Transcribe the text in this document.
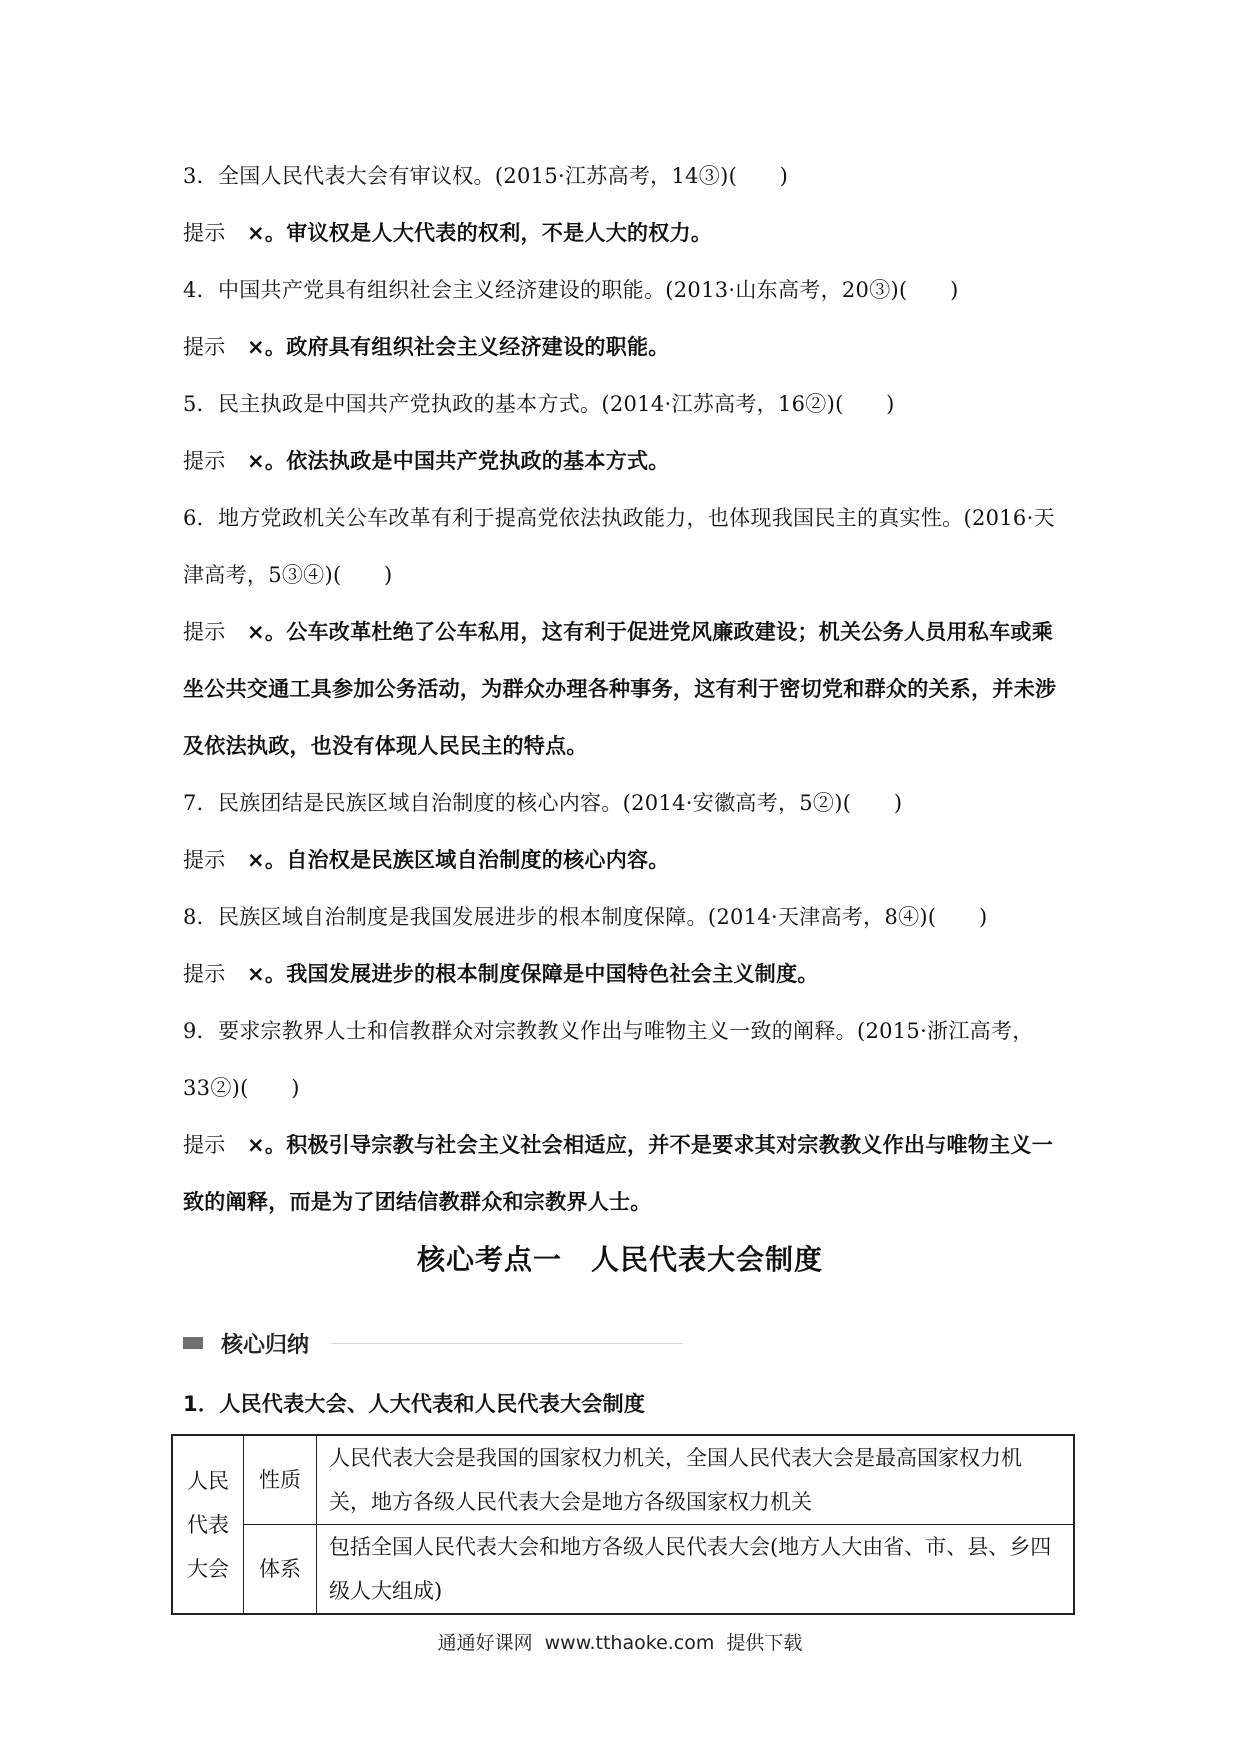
3．全国人民代表大会有审议权。(2015·江苏高考，14③)(　　)

提示 ×。审议权是人大代表的权利，不是人大的权力。

4．中国共产党具有组织社会主义经济建设的职能。(2013·山东高考，20③)(　　)

提示 ×。政府具有组织社会主义经济建设的职能。

5．民主执政是中国共产党执政的基本方式。(2014·江苏高考，16②)(　　)

提示 ×。依法执政是中国共产党执政的基本方式。

6．地方党政机关公车改革有利于提高党依法执政能力，也体现我国民主的真实性。(2016·天津高考，5③④)(　　)

提示 ×。公车改革杜绝了公车私用，这有利于促进党风廉政建设；机关公务人员用私车或乘坐公共交通工具参加公务活动，为群众办理各种事务，这有利于密切党和群众的关系，并未涉及依法执政，也没有体现人民民主的特点。

7．民族团结是民族区域自治制度的核心内容。(2014·安徽高考，5②)(　　)

提示 ×。自治权是民族区域自治制度的核心内容。

8．民族区域自治制度是我国发展进步的根本制度保障。(2014·天津高考，8④)(　　)

提示 ×。我国发展进步的根本制度保障是中国特色社会主义制度。

9．要求宗教界人士和信教群众对宗教教义作出与唯物主义一致的阐释。(2015·浙江高考，33②)(　　)

提示 ×。积极引导宗教与社会主义社会相适应，并不是要求其对宗教教义作出与唯物主义一致的阐释，而是为了团结信教群众和宗教界人士。

核心考点一　人民代表大会制度
核心归纳
1．人民代表大会、人大代表和人民代表大会制度
人民代表大会	性质	人民代表大会是我国的国家权力机关，全国人民代表大会是最高国家权力机关，地方各级人民代表大会是地方各级国家权力机关
	体系	包括全国人民代表大会和地方各级人民代表大会(地方人大由省、市、县、乡四级人大组成)
通通好课网 www.tthaoke.com 提供下载
